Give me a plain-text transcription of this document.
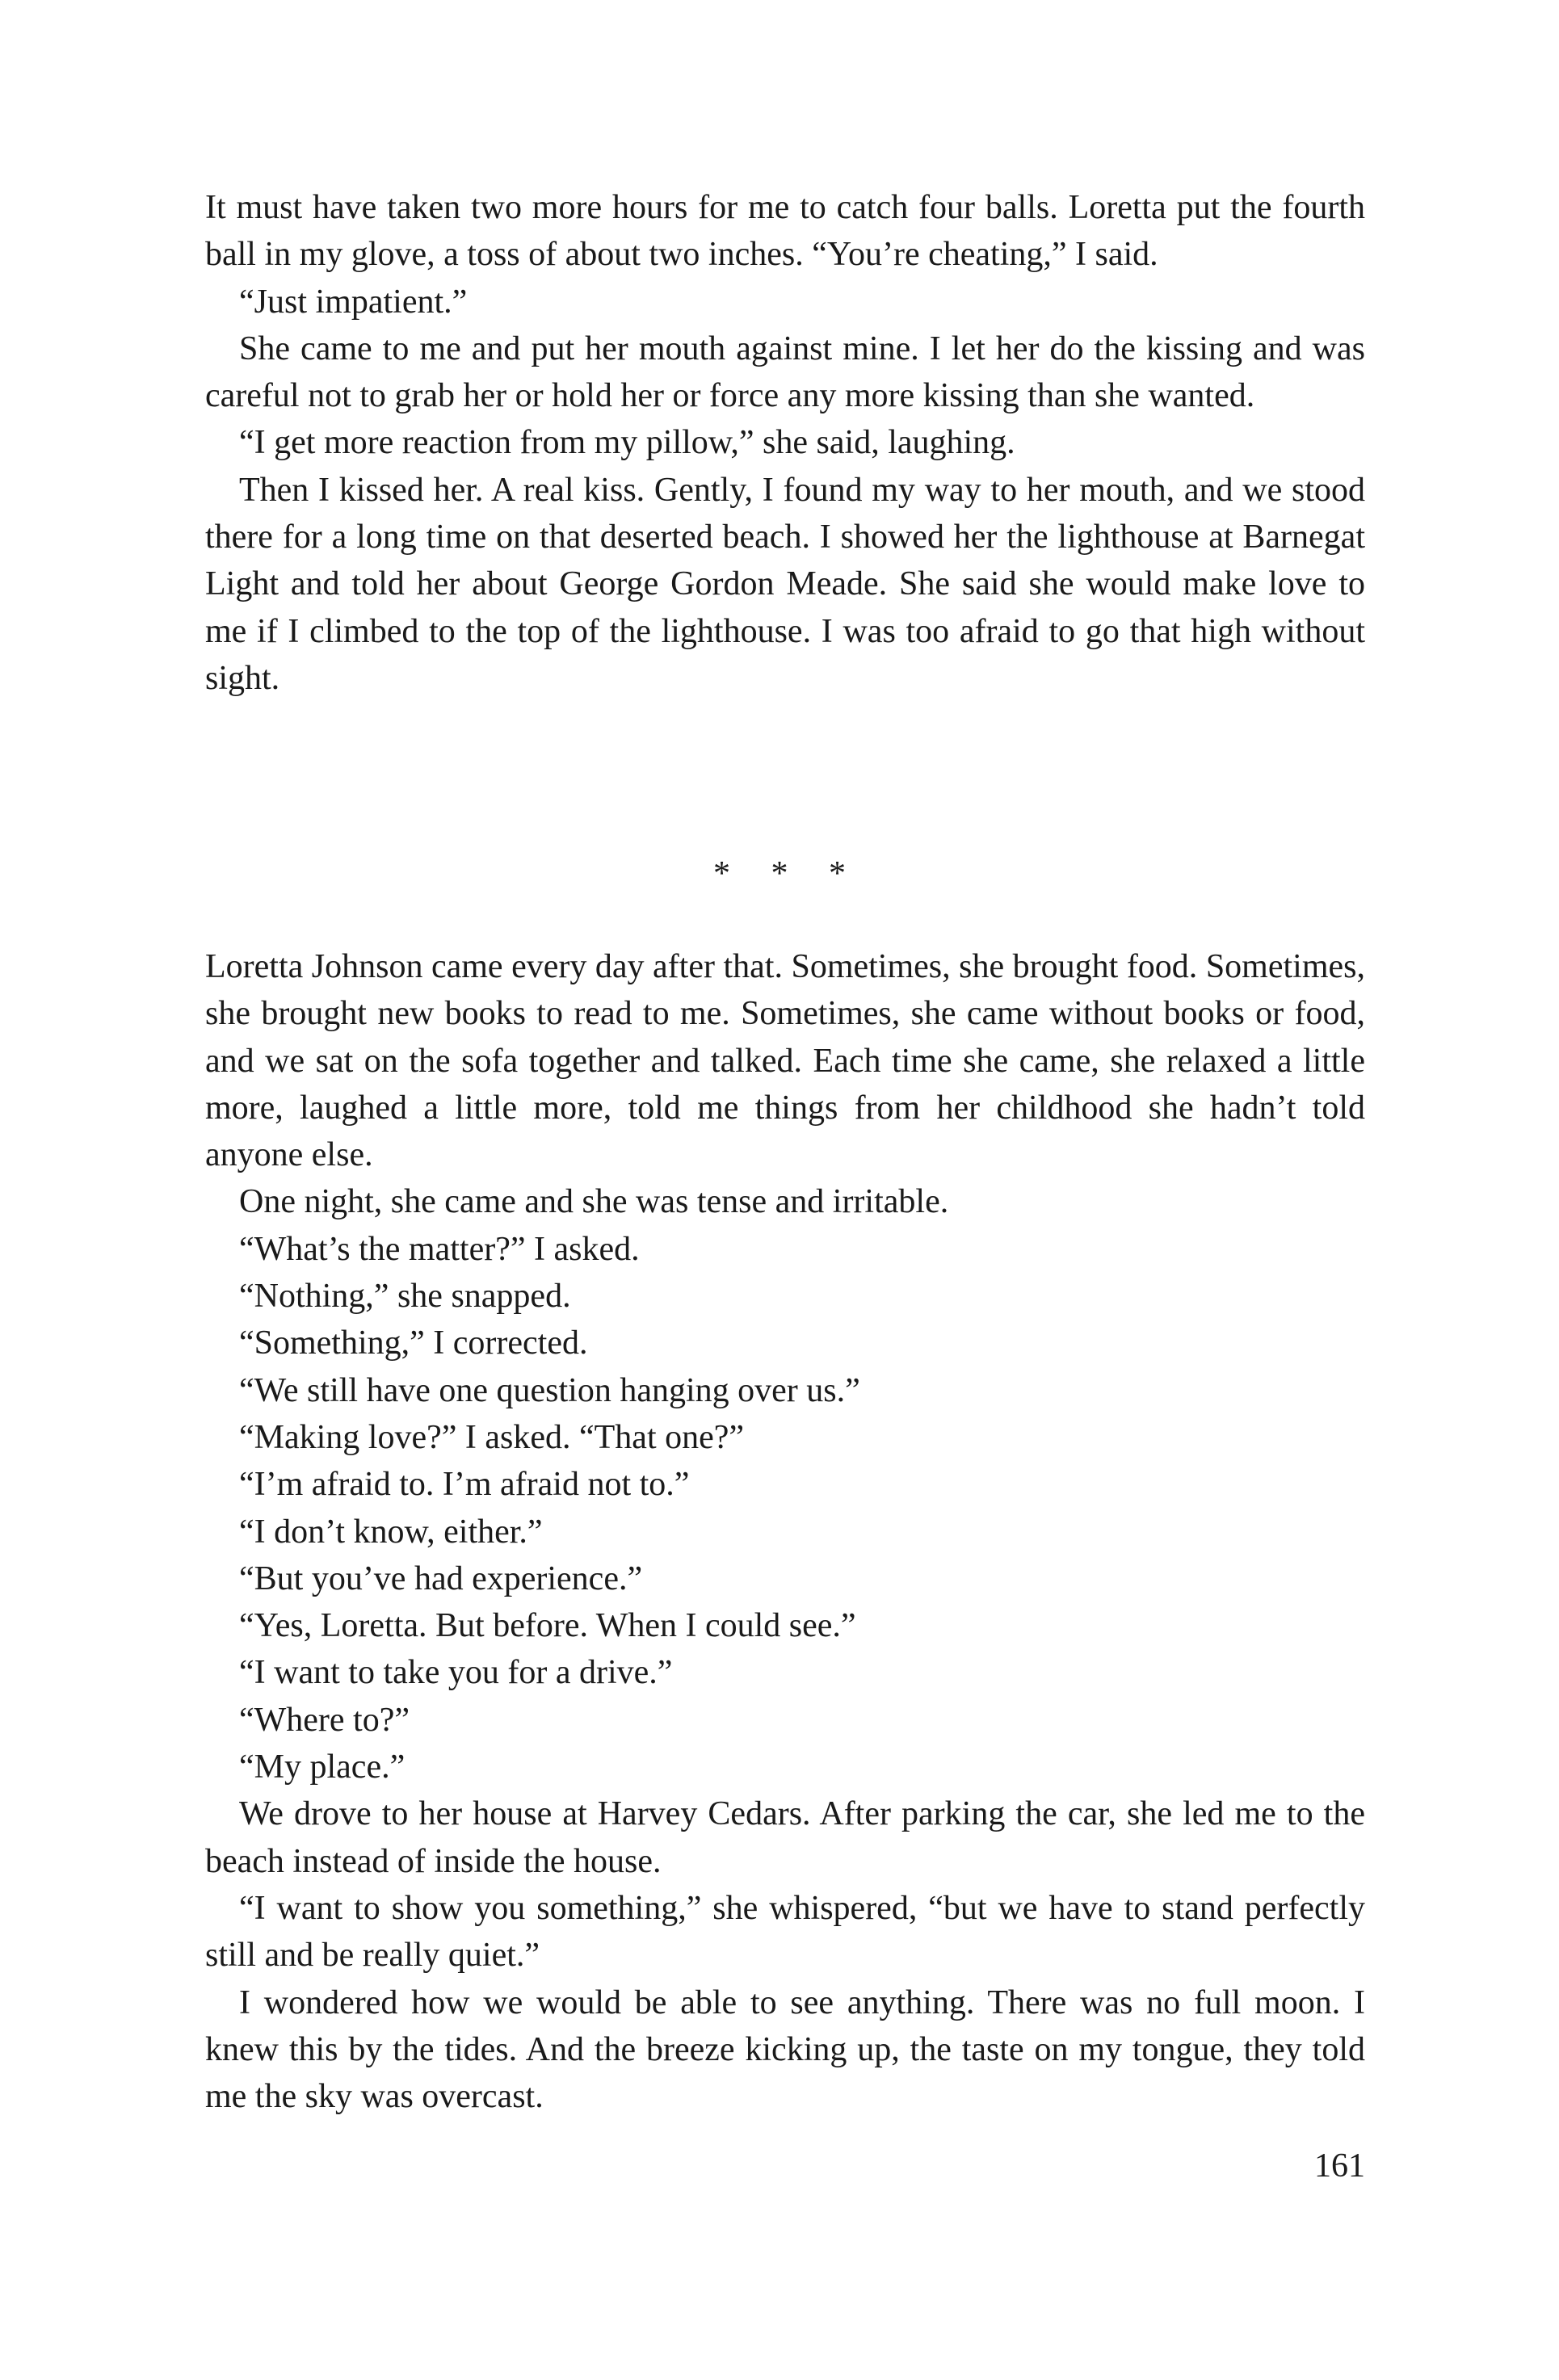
It must have taken two more hours for me to catch four balls. Loretta put the fourth ball in my glove, a toss of about two inches. “You’re cheating,” I said.

“Just impatient.”

She came to me and put her mouth against mine. I let her do the kissing and was careful not to grab her or hold her or force any more kissing than she wanted.

“I get more reaction from my pillow,” she said, laughing.

Then I kissed her. A real kiss. Gently, I found my way to her mouth, and we stood there for a long time on that deserted beach. I showed her the lighthouse at Barnegat Light and told her about George Gordon Meade. She said she would make love to me if I climbed to the top of the lighthouse. I was too afraid to go that high without sight.

* * *

Loretta Johnson came every day after that. Sometimes, she brought food. Sometimes, she brought new books to read to me. Sometimes, she came without books or food, and we sat on the sofa together and talked. Each time she came, she relaxed a little more, laughed a little more, told me things from her childhood she hadn’t told anyone else.

One night, she came and she was tense and irritable.

“What’s the matter?” I asked.

“Nothing,” she snapped.

“Something,” I corrected.

“We still have one question hanging over us.”

“Making love?” I asked. “That one?”

“I’m afraid to. I’m afraid not to.”

“I don’t know, either.”

“But you’ve had experience.”

“Yes, Loretta. But before. When I could see.”

“I want to take you for a drive.”

“Where to?”

“My place.”

We drove to her house at Harvey Cedars. After parking the car, she led me to the beach instead of inside the house.

“I want to show you something,” she whispered, “but we have to stand perfectly still and be really quiet.”

I wondered how we would be able to see anything. There was no full moon. I knew this by the tides. And the breeze kicking up, the taste on my tongue, they told me the sky was overcast.

161
